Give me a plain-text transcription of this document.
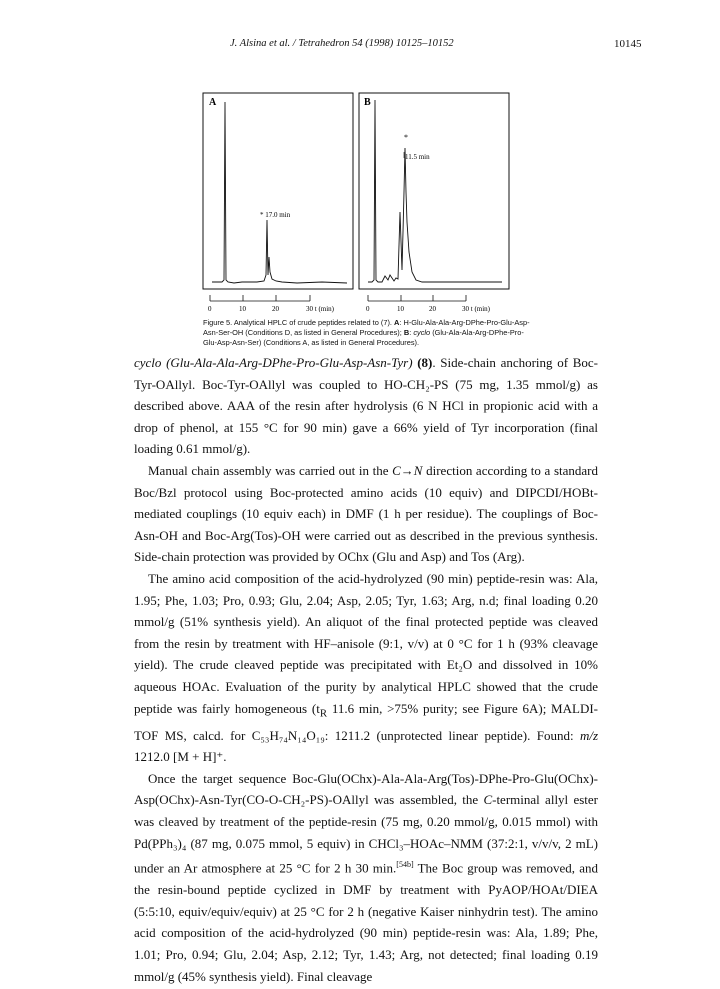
J. Alsina et al. / Tetrahedron 54 (1998) 10125–10152	10145
A	B
* 17.0 min
*
11.5 min
0	10	20	30 t (min)	0	10	20	30 t (min)
Figure 5. Analytical HPLC of crude peptides related to (7). A: H-Glu-Ala-Ala-Arg-DPhe-Pro-Glu-Asp-Asn-Ser-OH (Conditions D, as listed in General Procedures); B: cyclo (Glu-Ala-Ala-Arg-DPhe-Pro-Glu-Asp-Asn-Ser) (Conditions A, as listed in General Procedures).

cyclo (Glu-Ala-Ala-Arg-DPhe-Pro-Glu-Asp-Asn-Tyr) (8). Side-chain anchoring of Boc-Tyr-OAllyl. Boc-Tyr-OAllyl was coupled to HO-CH₂-PS (75 mg, 1.35 mmol/g) as described above. AAA of the resin after hydrolysis (6 N HCl in propionic acid with a drop of phenol, at 155 °C for 90 min) gave a 66% yield of Tyr incorporation (final loading 0.61 mmol/g).

Manual chain assembly was carried out in the C→N direction according to a standard Boc/Bzl protocol using Boc-protected amino acids (10 equiv) and DIPCDI/HOBt-mediated couplings (10 equiv each) in DMF (1 h per residue). The couplings of Boc-Asn-OH and Boc-Arg(Tos)-OH were carried out as described in the previous synthesis. Side-chain protection was provided by OChx (Glu and Asp) and Tos (Arg).

The amino acid composition of the acid-hydrolyzed (90 min) peptide-resin was: Ala, 1.95; Phe, 1.03; Pro, 0.93; Glu, 2.04; Asp, 2.05; Tyr, 1.63; Arg, n.d; final loading 0.20 mmol/g (51% synthesis yield). An aliquot of the final protected peptide was cleaved from the resin by treatment with HF–anisole (9:1, v/v) at 0 °C for 1 h (93% cleavage yield). The crude cleaved peptide was precipitated with Et₂O and dissolved in 10% aqueous HOAc. Evaluation of the purity by analytical HPLC showed that the crude peptide was fairly homogeneous ($t_R$ 11.6 min, >75% purity; see Figure 6A); MALDI-TOF MS, calcd. for C₅₃H₇₄N₁₄O₁₉: 1211.2 (unprotected linear peptide). Found: m/z 1212.0 [M + H]⁺.

Once the target sequence Boc-Glu(OChx)-Ala-Ala-Arg(Tos)-DPhe-Pro-Glu(OChx)-Asp(OChx)-Asn-Tyr(CO-O-CH₂-PS)-OAllyl was assembled, the C-terminal allyl ester was cleaved by treatment of the peptide-resin (75 mg, 0.20 mmol/g, 0.015 mmol) with Pd(PPh₃)₄ (87 mg, 0.075 mmol, 5 equiv) in CHCl₃–HOAc–NMM (37:2:1, v/v/v, 2 mL) under an Ar atmosphere at 25 °C for 2 h 30 min.[54b] The Boc group was removed, and the resin-bound peptide cyclized in DMF by treatment with PyAOP/HOAt/DIEA (5:5:10, equiv/equiv/equiv) at 25 °C for 2 h (negative Kaiser ninhydrin test). The amino acid composition of the acid-hydrolyzed (90 min) peptide-resin was: Ala, 1.89; Phe, 1.01; Pro, 0.94; Glu, 2.04; Asp, 2.12; Tyr, 1.43; Arg, not detected; final loading 0.19 mmol/g (45% synthesis yield). Final cleavage
